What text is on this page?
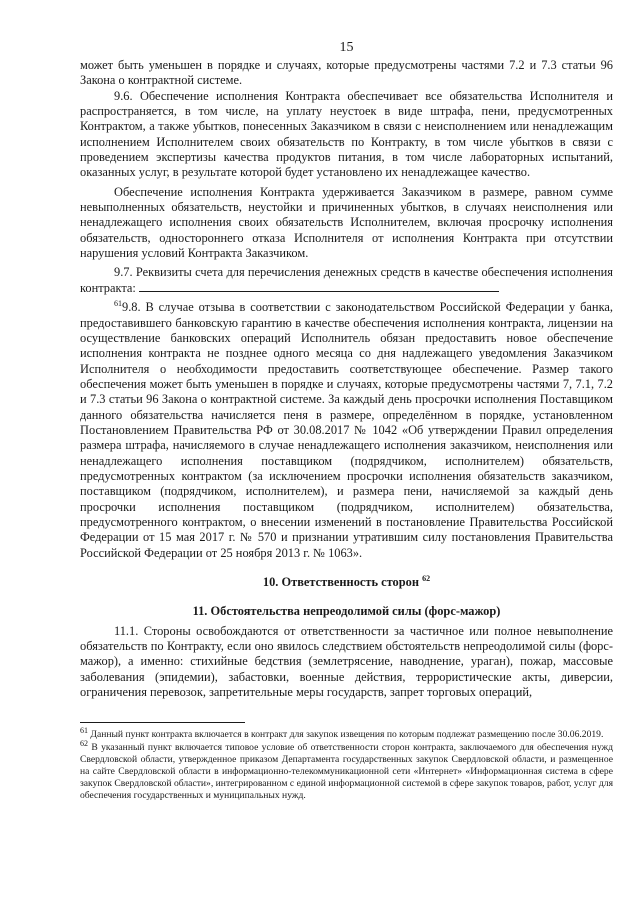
15

может быть уменьшен в порядке и случаях, которые предусмотрены частями 7.2 и 7.3 статьи 96 Закона о контрактной системе.

9.6. Обеспечение исполнения Контракта обеспечивает все обязательства Исполнителя и распространяется, в том числе, на уплату неустоек в виде штрафа, пени, предусмотренных Контрактом, а также убытков, понесенных Заказчиком в связи с неисполнением или ненадлежащим исполнением Исполнителем своих обязательств по Контракту, в том числе убытков в связи с проведением экспертизы качества продуктов питания, в том числе лабораторных испытаний, оказанных услуг, в результате которой будет установлено их ненадлежащее качество.

Обеспечение исполнения Контракта удерживается Заказчиком в размере, равном сумме невыполненных обязательств, неустойки и причиненных убытков, в случаях неисполнения или ненадлежащего исполнения своих обязательств Исполнителем, включая просрочку исполнения обязательств, одностороннего отказа Исполнителя от исполнения Контракта при отсутствии нарушения условий Контракта Заказчиком.

9.7. Реквизиты счета для перечисления денежных средств в качестве обеспечения исполнения контракта:

$^{61}$9.8. В случае отзыва в соответствии с законодательством Российской Федерации у банка, предоставившего банковскую гарантию в качестве обеспечения исполнения контракта, лицензии на осуществление банковских операций Исполнитель обязан предоставить новое обеспечение исполнения контракта не позднее одного месяца со дня надлежащего уведомления Заказчиком Исполнителя о необходимости предоставить соответствующее обеспечение. Размер такого обеспечения может быть уменьшен в порядке и случаях, которые предусмотрены частями 7, 7.1, 7.2 и 7.3 статьи 96 Закона о контрактной системе. За каждый день просрочки исполнения Поставщиком данного обязательства начисляется пеня в размере, определённом в порядке, установленном Постановлением Правительства РФ от 30.08.2017 № 1042 «Об утверждении Правил определения размера штрафа, начисляемого в случае ненадлежащего исполнения заказчиком, неисполнения или ненадлежащего исполнения поставщиком (подрядчиком, исполнителем) обязательств, предусмотренных контрактом (за исключением просрочки исполнения обязательств заказчиком, поставщиком (подрядчиком, исполнителем), и размера пени, начисляемой за каждый день просрочки исполнения поставщиком (подрядчиком, исполнителем) обязательства, предусмотренного контрактом, о внесении изменений в постановление Правительства Российской Федерации от 15 мая 2017 г. № 570 и признании утратившим силу постановления Правительства Российской Федерации от 25 ноября 2013 г. № 1063».

10. Ответственность сторон $^{62}$
11. Обстоятельства непреодолимой силы (форс-мажор)

11.1. Стороны освобождаются от ответственности за частичное или полное невыполнение обязательств по Контракту, если оно явилось следствием обстоятельств непреодолимой силы (форс-мажор), а именно: стихийные бедствия (землетрясение, наводнение, ураган), пожар, массовые заболевания (эпидемии), забастовки, военные действия, террористические акты, диверсии, ограничения перевозок, запретительные меры государств, запрет торговых операций,

$^{61}$ Данный пункт контракта включается в контракт для закупок извещения по которым подлежат размещению после 30.06.2019.

$^{62}$ В указанный пункт включается типовое условие об ответственности сторон контракта, заключаемого для обеспечения нужд Свердловской области, утвержденное приказом Департамента государственных закупок Свердловской области, и размещенное на сайте Свердловской области в информационно-телекоммуникационной сети «Интернет» «Информационная система в сфере закупок Свердловской области», интегрированном с единой информационной системой в сфере закупок товаров, работ, услуг для обеспечения государственных и муниципальных нужд.
